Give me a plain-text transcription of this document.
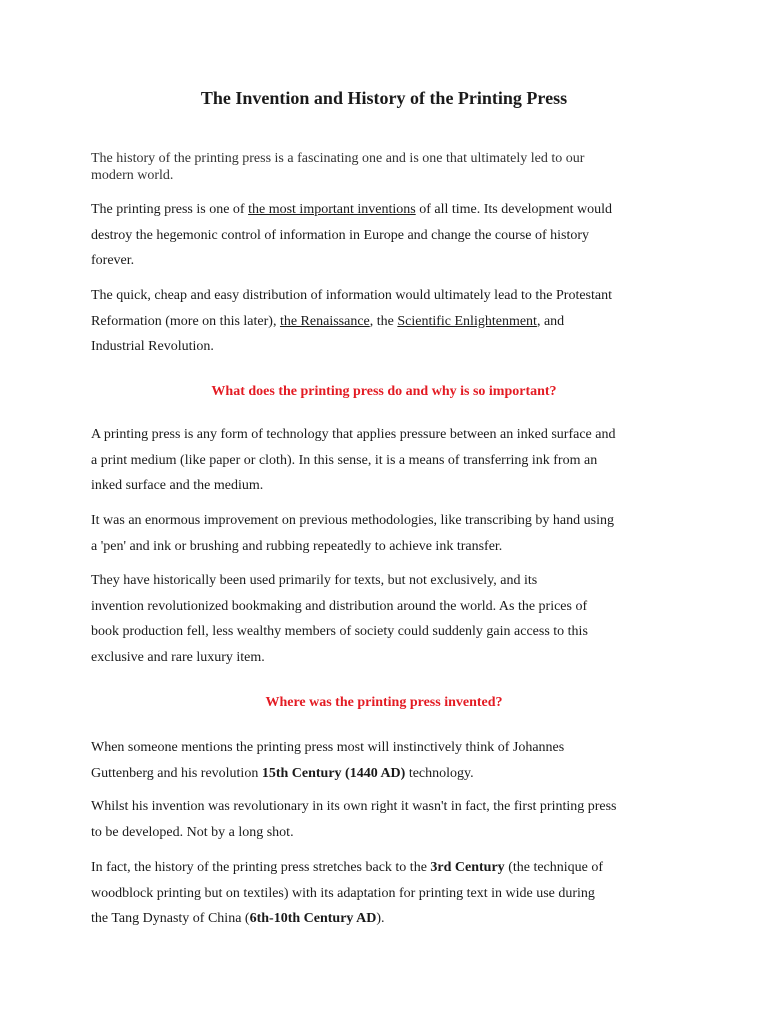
The Invention and History of the Printing Press

The history of the printing press is a fascinating one and is one that ultimately led to our
modern world.

The printing press is one of the most important inventions of all time. Its development would
destroy the hegemonic control of information in Europe and change the course of history
forever.

The quick, cheap and easy distribution of information would ultimately lead to the Protestant
Reformation (more on this later), the Renaissance, the Scientific Enlightenment, and
Industrial Revolution.

What does the printing press do and why is so important?

A printing press is any form of technology that applies pressure between an inked surface and
a print medium (like paper or cloth). In this sense, it is a means of transferring ink from an
inked surface and the medium.

It was an enormous improvement on previous methodologies, like transcribing by hand using
a 'pen' and ink or brushing and rubbing repeatedly to achieve ink transfer.

They have historically been used primarily for texts, but not exclusively, and its
invention revolutionized bookmaking and distribution around the world. As the prices of
book production fell, less wealthy members of society could suddenly gain access to this
exclusive and rare luxury item.

Where was the printing press invented?

When someone mentions the printing press most will instinctively think of Johannes
Guttenberg and his revolution 15th Century (1440 AD) technology.

Whilst his invention was revolutionary in its own right it wasn't in fact, the first printing press
to be developed. Not by a long shot.

In fact, the history of the printing press stretches back to the 3rd Century (the technique of
woodblock printing but on textiles) with its adaptation for printing text in wide use during
the Tang Dynasty of China (6th-10th Century AD).
